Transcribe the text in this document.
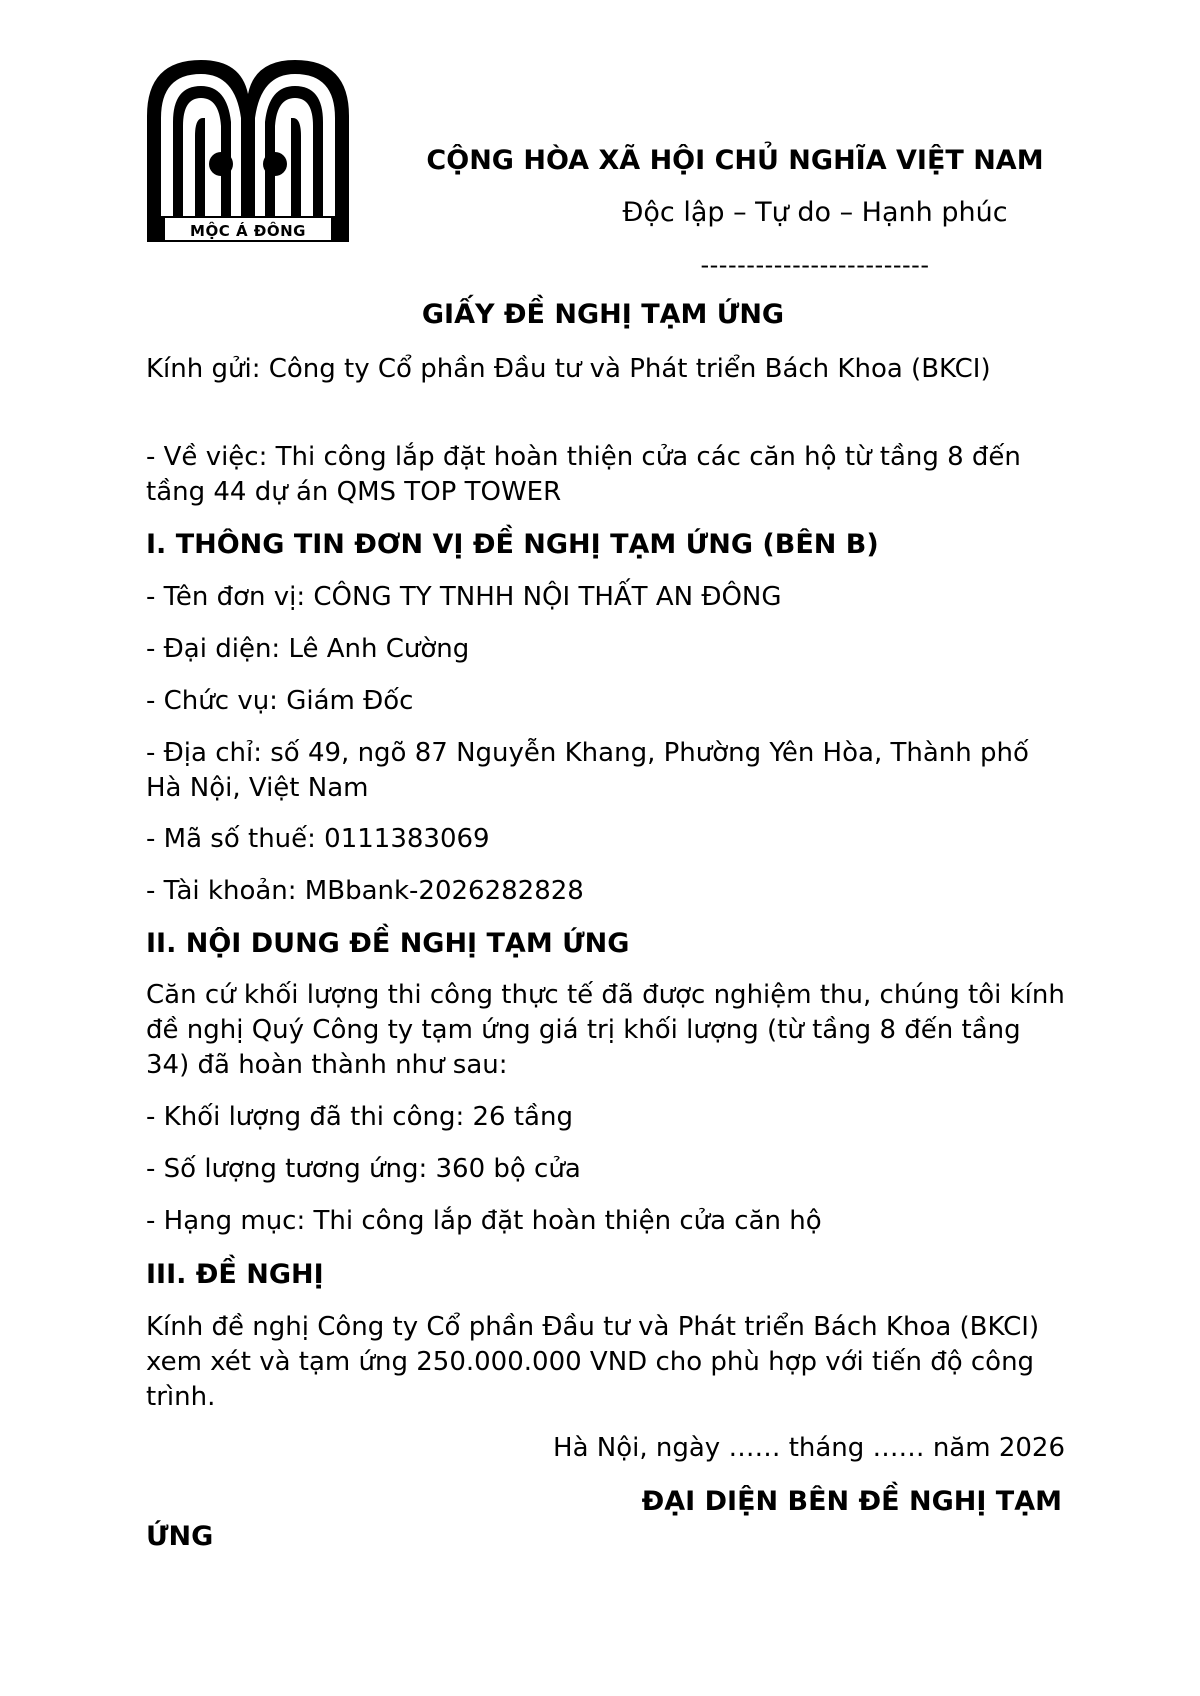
MỘC Á ĐÔNG
CỘNG HÒA XÃ HỘI CHỦ NGHĨA VIỆT NAM
Độc lập – Tự do – Hạnh phúc
-------------------------
GIẤY ĐỀ NGHỊ TẠM ỨNG

Kính gửi: Công ty Cổ phần Đầu tư và Phát triển Bách Khoa (BKCI)

- Về việc: Thi công lắp đặt hoàn thiện cửa các căn hộ từ tầng 8 đến tầng 44 dự án QMS TOP TOWER

I. THÔNG TIN ĐƠN VỊ ĐỀ NGHỊ TẠM ỨNG (BÊN B)

- Tên đơn vị: CÔNG TY TNHH NỘI THẤT AN ĐÔNG

- Đại diện: Lê Anh Cường

- Chức vụ: Giám Đốc

- Địa chỉ: số 49, ngõ 87 Nguyễn Khang, Phường Yên Hòa, Thành phố Hà Nội, Việt Nam

- Mã số thuế: 0111383069

- Tài khoản: MBbank-2026282828

II. NỘI DUNG ĐỀ NGHỊ TẠM ỨNG

Căn cứ khối lượng thi công thực tế đã được nghiệm thu, chúng tôi kính đề nghị Quý Công ty tạm ứng giá trị khối lượng (từ tầng 8 đến tầng 34) đã hoàn thành như sau:

- Khối lượng đã thi công: 26 tầng

- Số lượng tương ứng: 360 bộ cửa

- Hạng mục: Thi công lắp đặt hoàn thiện cửa căn hộ

III. ĐỀ NGHỊ

Kính đề nghị Công ty Cổ phần Đầu tư và Phát triển Bách Khoa (BKCI) xem xét và tạm ứng 250.000.000 VND cho phù hợp với tiến độ công trình.

Hà Nội, ngày …… tháng …… năm 2026
ĐẠI DIỆN BÊN ĐỀ NGHỊ TẠM
ỨNG
